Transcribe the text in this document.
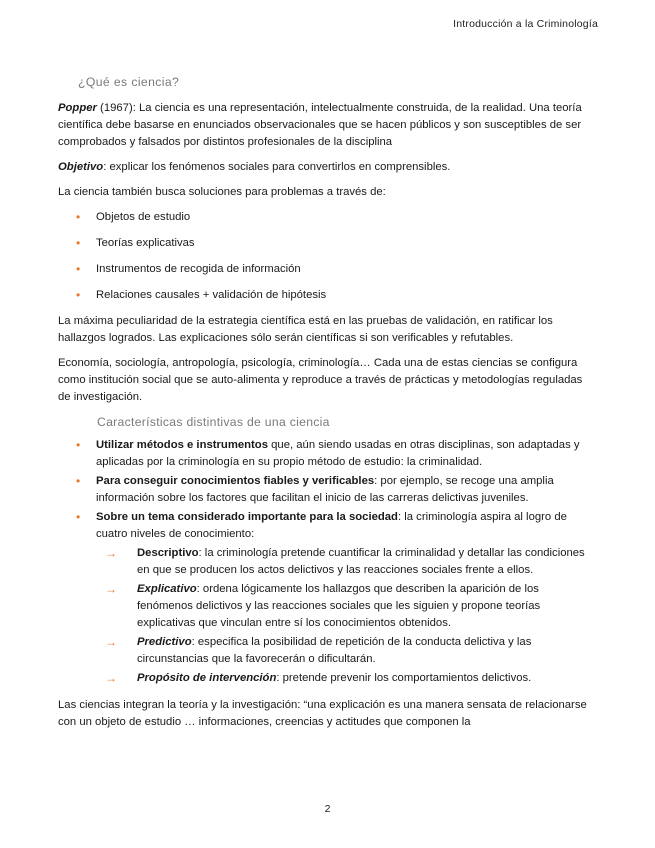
Introducción a la Criminología
¿Qué es ciencia?

Popper (1967): La ciencia es una representación, intelectualmente construida, de la realidad. Una teoría científica debe basarse en enunciados observacionales que se hacen públicos y son susceptibles de ser comprobados y falsados por distintos profesionales de la disciplina

Objetivo: explicar los fenómenos sociales para convertirlos en comprensibles.

La ciencia también busca soluciones para problemas a través de:

• Objetos de estudio
• Teorías explicativas
• Instrumentos de recogida de información
• Relaciones causales + validación de hipótesis

La máxima peculiaridad de la estrategia científica está en las pruebas de validación, en ratificar los hallazgos logrados. Las explicaciones sólo serán científicas si son verificables y refutables.

Economía, sociología, antropología, psicología, criminología… Cada una de estas ciencias se configura como institución social que se auto-alimenta y reproduce a través de prácticas y metodologías reguladas de investigación.

Características distintivas de una ciencia
• Utilizar métodos e instrumentos que, aún siendo usadas en otras disciplinas, son adaptadas y aplicadas por la criminología en su propio método de estudio: la criminalidad.
• Para conseguir conocimientos fiables y verificables: por ejemplo, se recoge una amplia información sobre los factores que facilitan el inicio de las carreras delictivas juveniles.
• Sobre un tema considerado importante para la sociedad: la criminología aspira al logro de cuatro niveles de conocimiento:
→ Descriptivo: la criminología pretende cuantificar la criminalidad y detallar las condiciones en que se producen los actos delictivos y las reacciones sociales frente a ellos.
→ Explicativo: ordena lógicamente los hallazgos que describen la aparición de los fenómenos delictivos y las reacciones sociales que les siguien y propone teorías explicativas que vinculan entre sí los conocimientos obtenidos.
→ Predictivo: especifica la posibilidad de repetición de la conducta delictiva y las circunstancias que la favorecerán o dificultarán.
→ Propósito de intervención: pretende prevenir los comportamientos delictivos.

Las ciencias integran la teoría y la investigación: “una explicación es una manera sensata de relacionarse con un objeto de estudio … informaciones, creencias y actitudes que componen la

2
